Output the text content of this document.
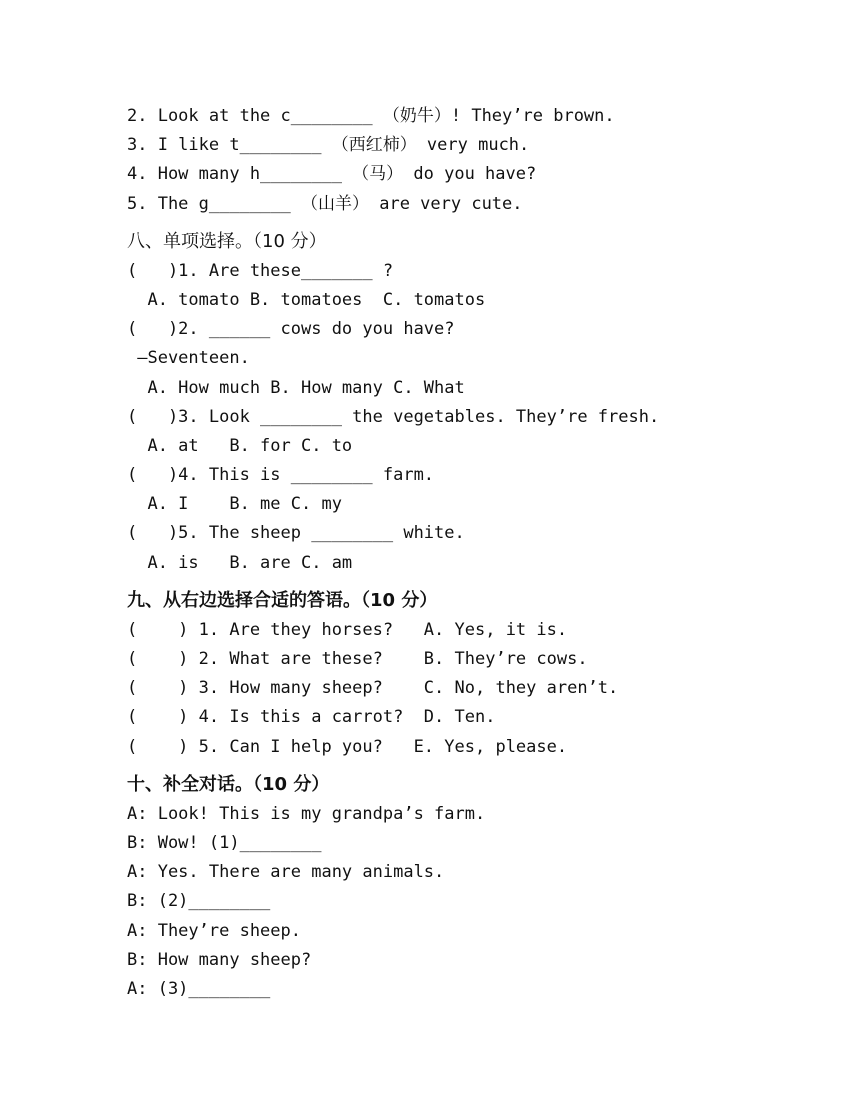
2. Look at the c________ （奶牛）! They’re brown.
3. I like t________ （西红柿） very much.
4. How many h________ （马） do you have?
5. The g________ （山羊） are very cute.
八、单项选择。（10 分）
(   )1. Are these_______ ?
A. tomato B. tomatoes  C. tomatos
(   )2. ______ cows do you have?
—Seventeen.
A. How much B. How many C. What
(   )3. Look ________ the vegetables. They’re fresh.
A. at   B. for C. to
(   )4. This is ________ farm.
A. I    B. me C. my
(   )5. The sheep ________ white.
A. is   B. are C. am
九、从右边选择合适的答语。（10 分）
(    ) 1. Are they horses?   A. Yes, it is.
(    ) 2. What are these?    B. They’re cows.
(    ) 3. How many sheep?    C. No, they aren’t.
(    ) 4. Is this a carrot?  D. Ten.
(    ) 5. Can I help you?   E. Yes, please.
十、补全对话。（10 分）
A: Look! This is my grandpa’s farm.
B: Wow! (1)________
A: Yes. There are many animals.
B: (2)________
A: They’re sheep.
B: How many sheep?
A: (3)________
